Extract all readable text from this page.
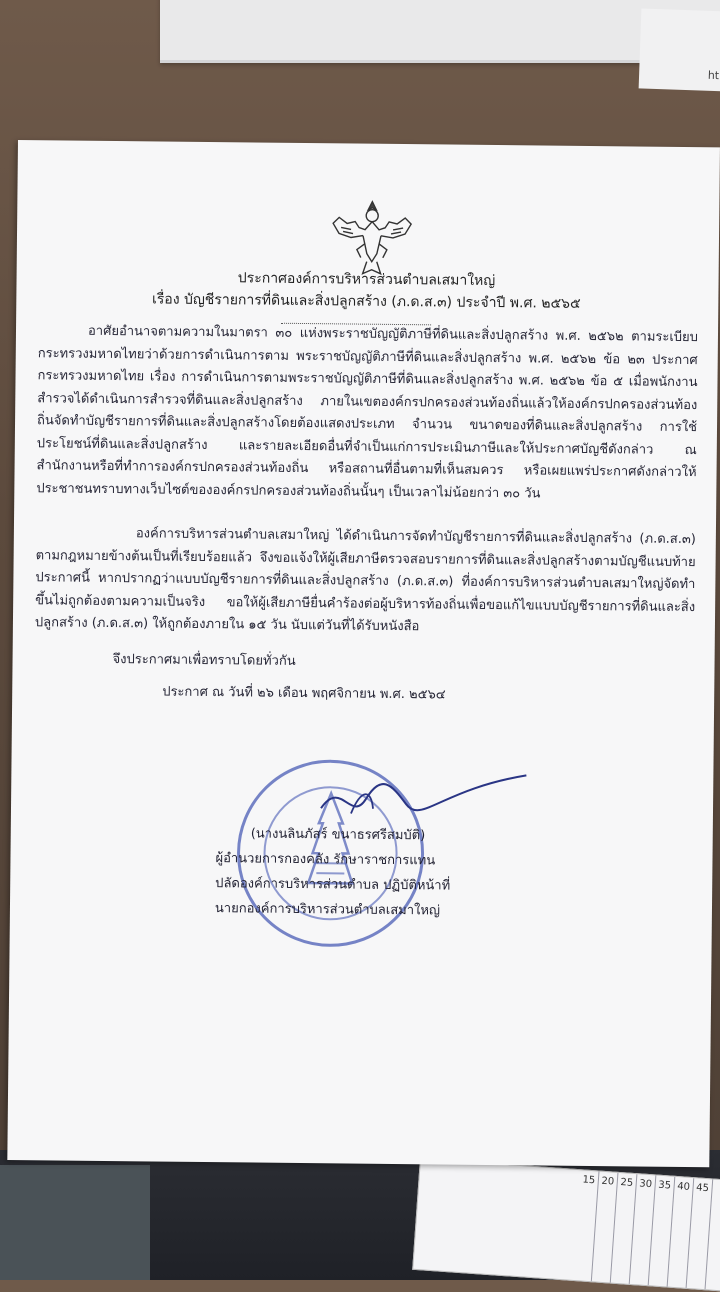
ht
15 20 25 30 35 40 45
ประกาศองค์การบริหารส่วนตำบลเสมาใหญ่
เรื่อง บัญชีรายการที่ดินและสิ่งปลูกสร้าง (ภ.ด.ส.๓) ประจำปี พ.ศ. ๒๕๖๕
อาศัยอำนาจตามความในมาตรา ๓๐ แห่งพระราชบัญญัติภาษีที่ดินและสิ่งปลูกสร้าง พ.ศ. ๒๕๖๒ ตามระเบียบกระทรวงมหาดไทยว่าด้วยการดำเนินการตาม พระราชบัญญัติภาษีที่ดินและสิ่งปลูกสร้าง พ.ศ. ๒๕๖๒ ข้อ ๒๓ ประกาศกระทรวงมหาดไทย เรื่อง การดำเนินการตามพระราชบัญญัติภาษีที่ดินและสิ่งปลูกสร้าง พ.ศ. ๒๕๖๒ ข้อ ๕ เมื่อพนักงานสำรวจได้ดำเนินการสำรวจที่ดินและสิ่งปลูกสร้าง ภายในเขตองค์กรปกครองส่วนท้องถิ่นแล้วให้องค์กรปกครองส่วนท้องถิ่นจัดทำบัญชีรายการที่ดินและสิ่งปลูกสร้างโดยต้องแสดงประเภท จำนวน ขนาดของที่ดินและสิ่งปลูกสร้าง การใช้ประโยชน์ที่ดินและสิ่งปลูกสร้าง และรายละเอียดอื่นที่จำเป็นแก่การประเมินภาษีและให้ประกาศบัญชีดังกล่าว ณ สำนักงานหรือที่ทำการองค์กรปกครองส่วนท้องถิ่น หรือสถานที่อื่นตามที่เห็นสมควร หรือเผยแพร่ประกาศดังกล่าวให้ประชาชนทราบทางเว็บไซต์ขององค์กรปกครองส่วนท้องถิ่นนั้นๆ เป็นเวลาไม่น้อยกว่า ๓๐ วัน
องค์การบริหารส่วนตำบลเสมาใหญ่ ได้ดำเนินการจัดทำบัญชีรายการที่ดินและสิ่งปลูกสร้าง (ภ.ด.ส.๓) ตามกฎหมายข้างต้นเป็นที่เรียบร้อยแล้ว จึงขอแจ้งให้ผู้เสียภาษีตรวจสอบรายการที่ดินและสิ่งปลูกสร้างตามบัญชีแนบท้ายประกาศนี้ หากปรากฏว่าแบบบัญชีรายการที่ดินและสิ่งปลูกสร้าง (ภ.ด.ส.๓) ที่องค์การบริหารส่วนตำบลเสมาใหญ่จัดทำขึ้นไม่ถูกต้องตามความเป็นจริง ขอให้ผู้เสียภาษียื่นคำร้องต่อผู้บริหารท้องถิ่นเพื่อขอแก้ไขแบบบัญชีรายการที่ดินและสิ่งปลูกสร้าง (ภ.ด.ส.๓) ให้ถูกต้องภายใน ๑๕ วัน นับแต่วันที่ได้รับหนังสือ
จึงประกาศมาเพื่อทราบโดยทั่วกัน
ประกาศ ณ วันที่ ๒๖ เดือน พฤศจิกายน พ.ศ. ๒๕๖๔
(นางนลินภัสร์ ขนาธรศรีสมบัติ)
ผู้อำนวยการกองคลัง รักษาราชการแทน
ปลัดองค์การบริหารส่วนตำบล ปฏิบัติหน้าที่
นายกองค์การบริหารส่วนตำบลเสมาใหญ่
